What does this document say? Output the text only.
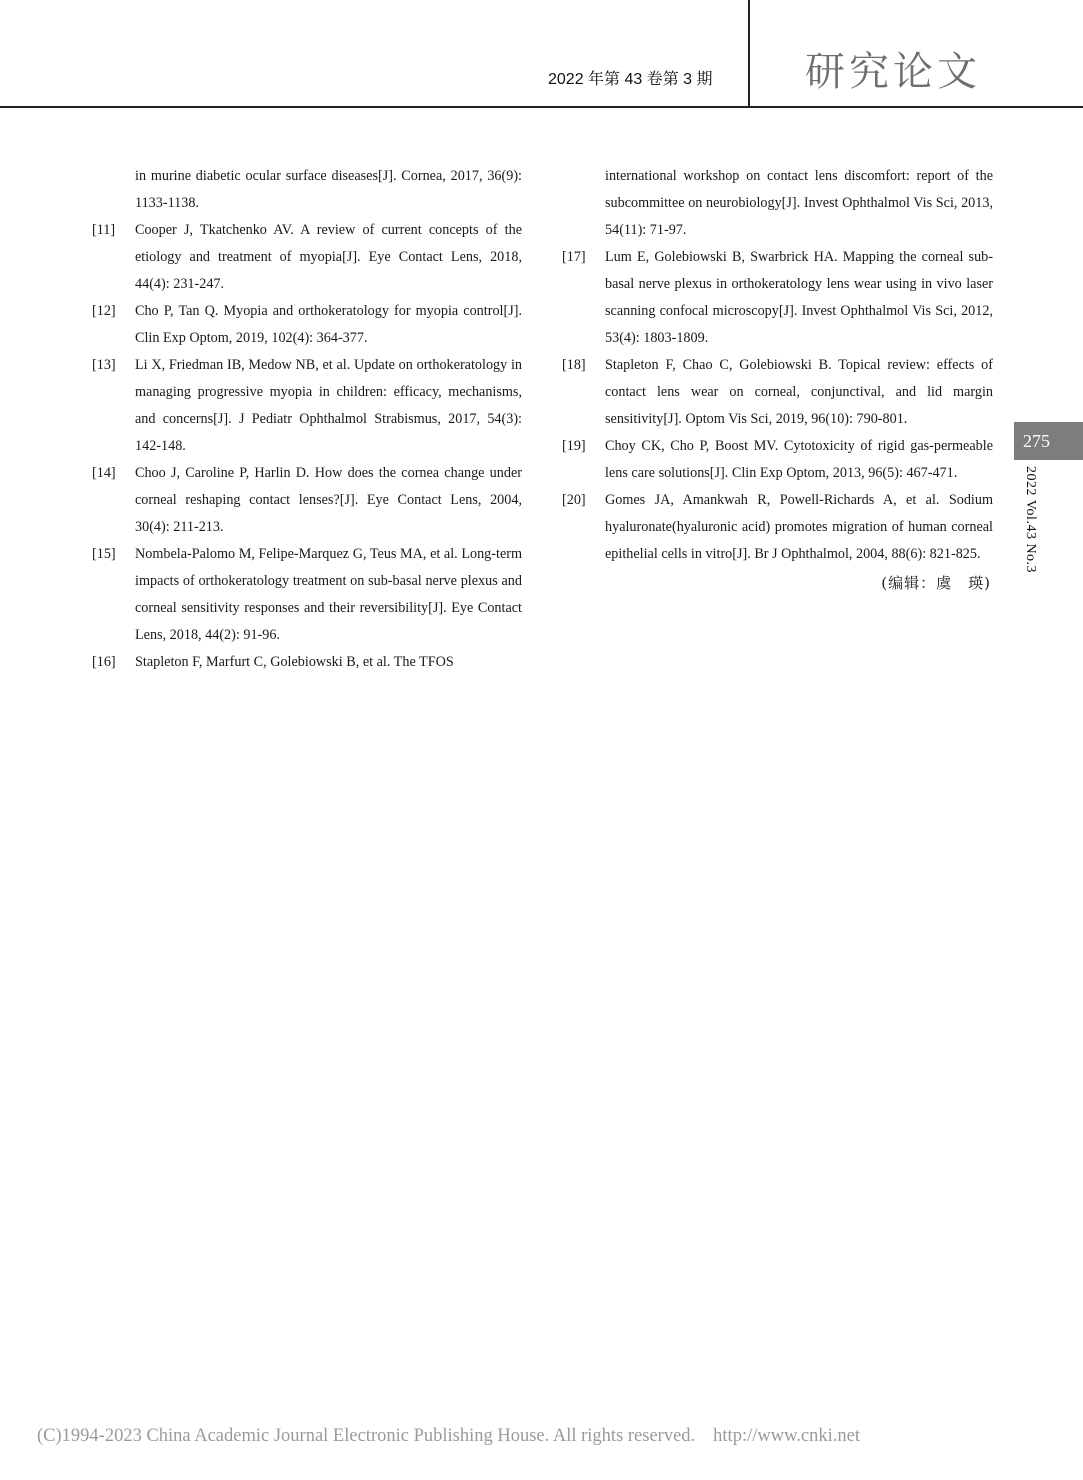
2022 年第 43 卷第 3 期 研究论文
in murine diabetic ocular surface diseases[J]. Cornea, 2017, 36(9): 1133-1138.
[11] Cooper J, Tkatchenko AV. A review of current concepts of the etiology and treatment of myopia[J]. Eye Contact Lens, 2018, 44(4): 231-247.
[12] Cho P, Tan Q. Myopia and orthokeratology for myopia control[J]. Clin Exp Optom, 2019, 102(4): 364-377.
[13] Li X, Friedman IB, Medow NB, et al. Update on orthokeratology in managing progressive myopia in children: efficacy, mechanisms, and concerns[J]. J Pediatr Ophthalmol Strabismus, 2017, 54(3): 142-148.
[14] Choo J, Caroline P, Harlin D. How does the cornea change under corneal reshaping contact lenses?[J]. Eye Contact Lens, 2004, 30(4): 211-213.
[15] Nombela-Palomo M, Felipe-Marquez G, Teus MA, et al. Long-term impacts of orthokeratology treatment on sub-basal nerve plexus and corneal sensitivity responses and their reversibility[J]. Eye Contact Lens, 2018, 44(2): 91-96.
[16] Stapleton F, Marfurt C, Golebiowski B, et al. The TFOS
international workshop on contact lens discomfort: report of the subcommittee on neurobiology[J]. Invest Ophthalmol Vis Sci, 2013, 54(11): 71-97.
[17] Lum E, Golebiowski B, Swarbrick HA. Mapping the corneal sub-basal nerve plexus in orthokeratology lens wear using in vivo laser scanning confocal microscopy[J]. Invest Ophthalmol Vis Sci, 2012, 53(4): 1803-1809.
[18] Stapleton F, Chao C, Golebiowski B. Topical review: effects of contact lens wear on corneal, conjunctival, and lid margin sensitivity[J]. Optom Vis Sci, 2019, 96(10): 790-801.
[19] Choy CK, Cho P, Boost MV. Cytotoxicity of rigid gas-permeable lens care solutions[J]. Clin Exp Optom, 2013, 96(5): 467-471.
[20] Gomes JA, Amankwah R, Powell-Richards A, et al. Sodium hyaluronate(hyaluronic acid) promotes migration of human corneal epithelial cells in vitro[J]. Br J Ophthalmol, 2004, 88(6): 821-825.
(编辑：虞　瑛)
275
2022 Vol.43 No.3
(C)1994-2023 China Academic Journal Electronic Publishing House. All rights reserved. http://www.cnki.net
